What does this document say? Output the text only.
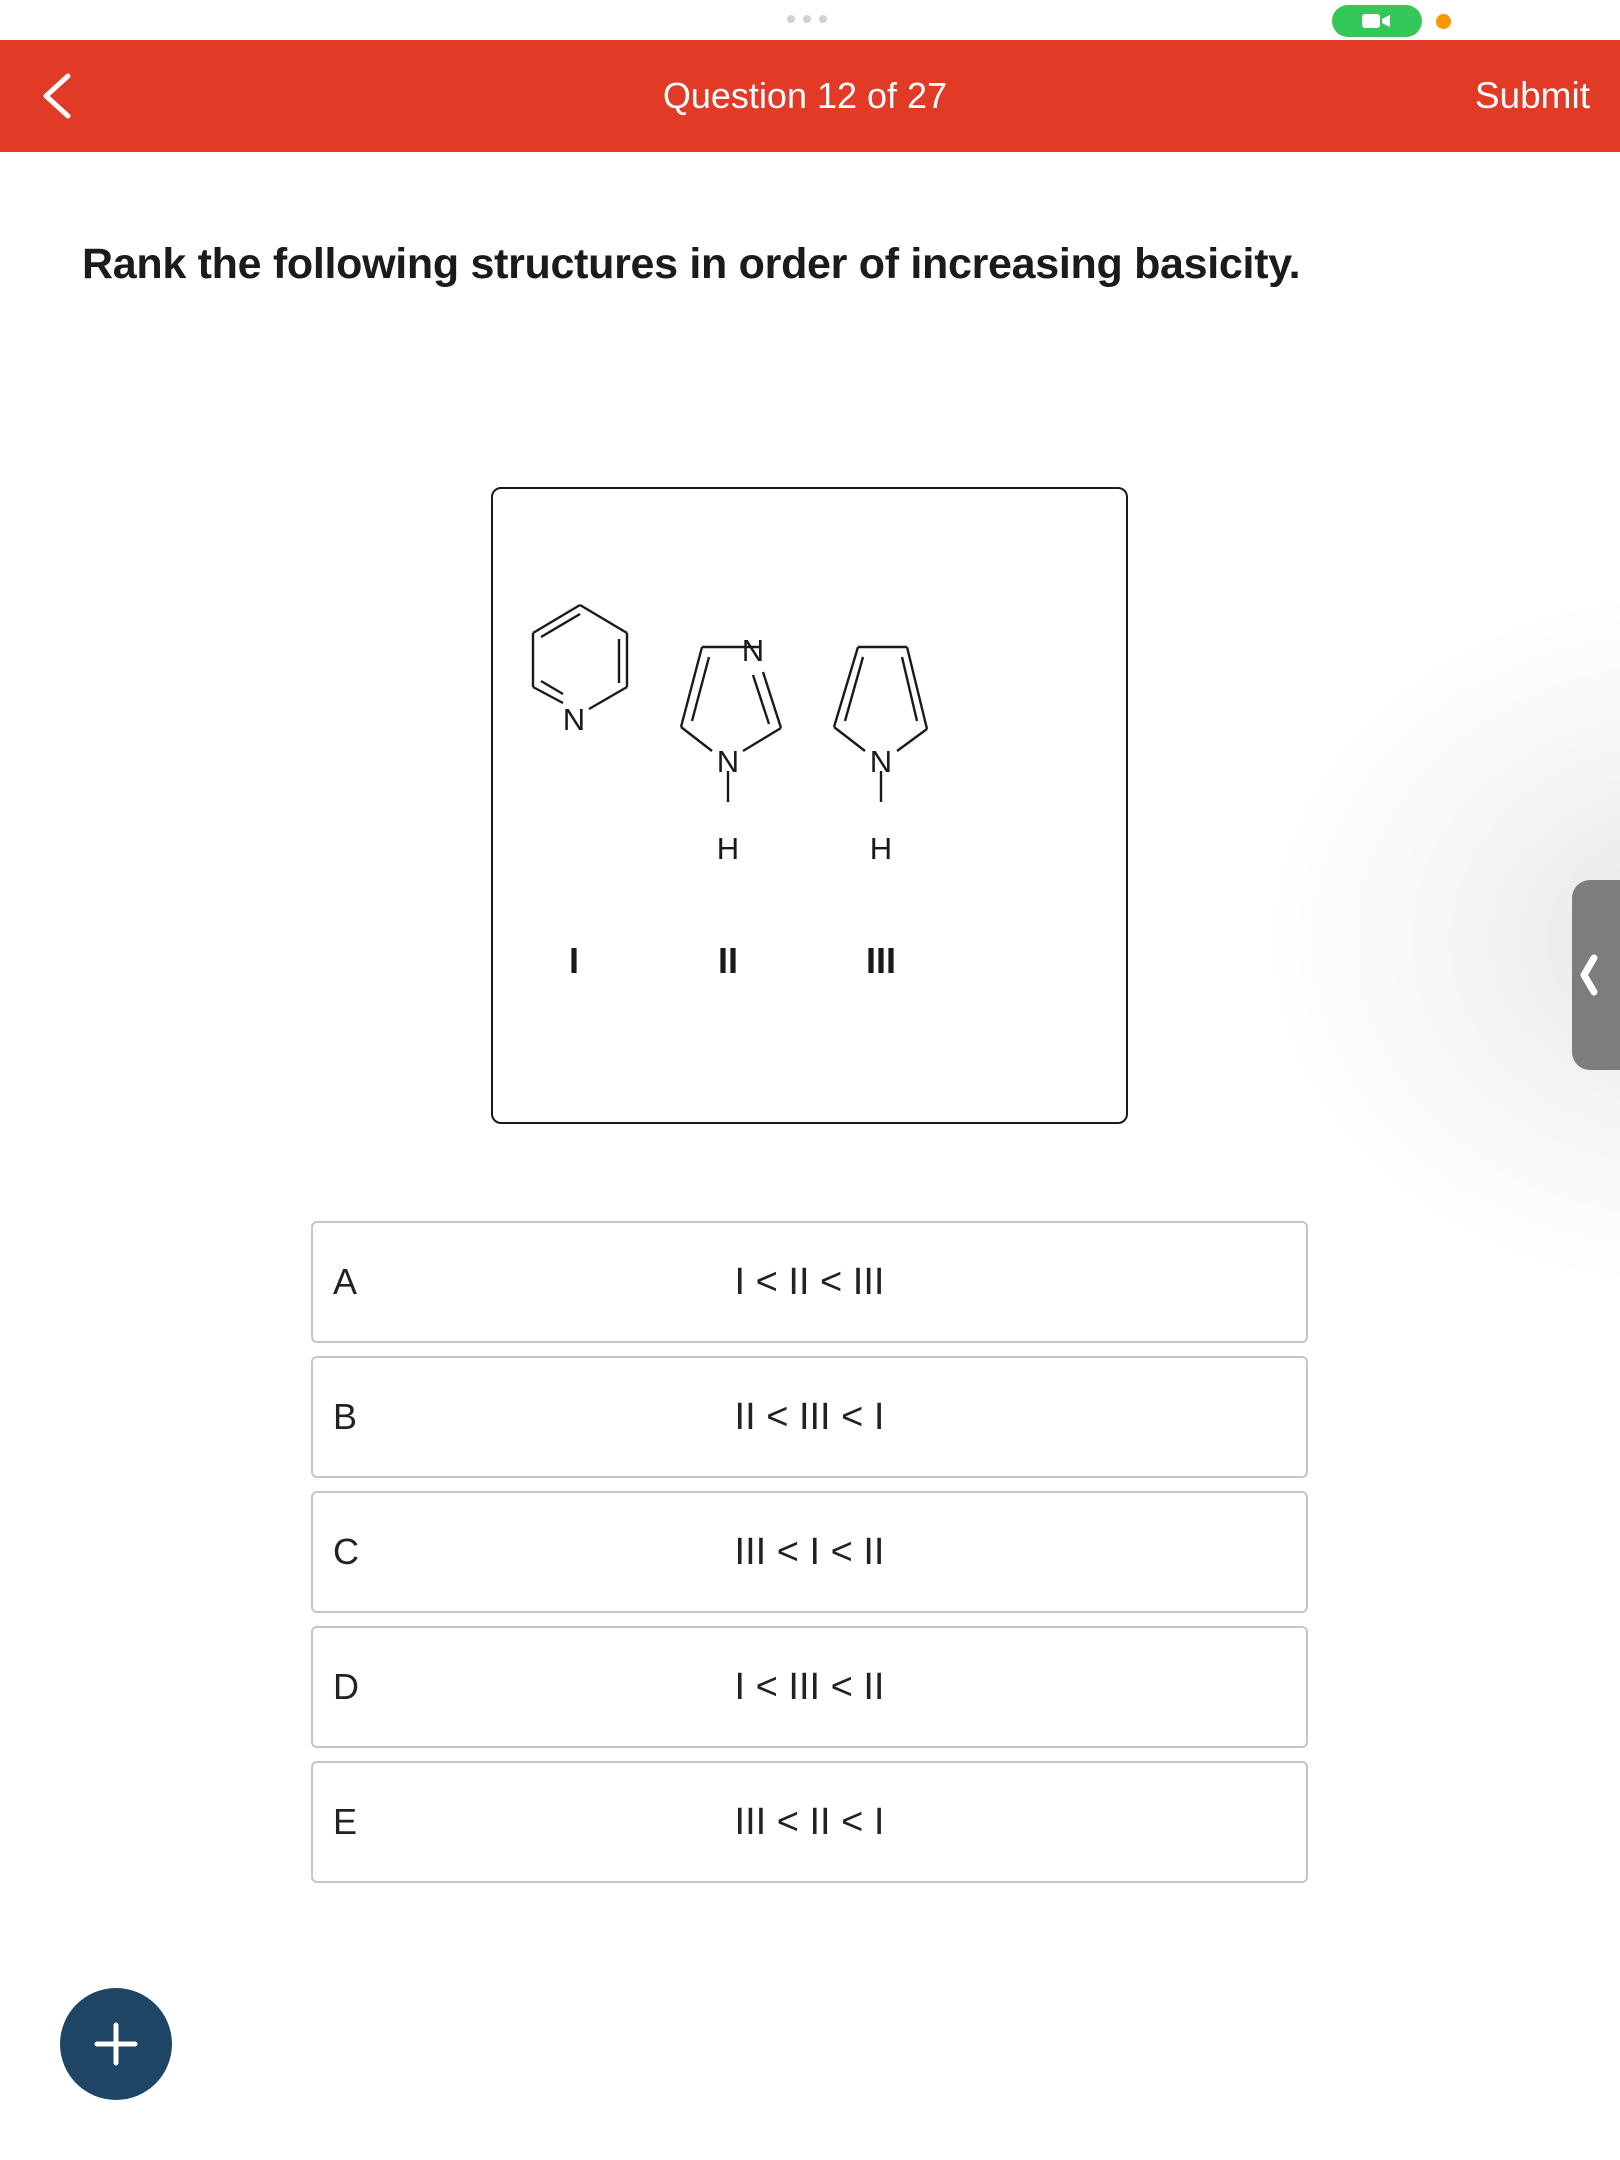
Question 12 of 27	Submit
Rank the following structures in order of increasing basicity.
N
N
N
H
N
H
I	II	III
A	I < II < III
B	II < III < I
C	III < I < II
D	I < III < II
E	III < II < I
